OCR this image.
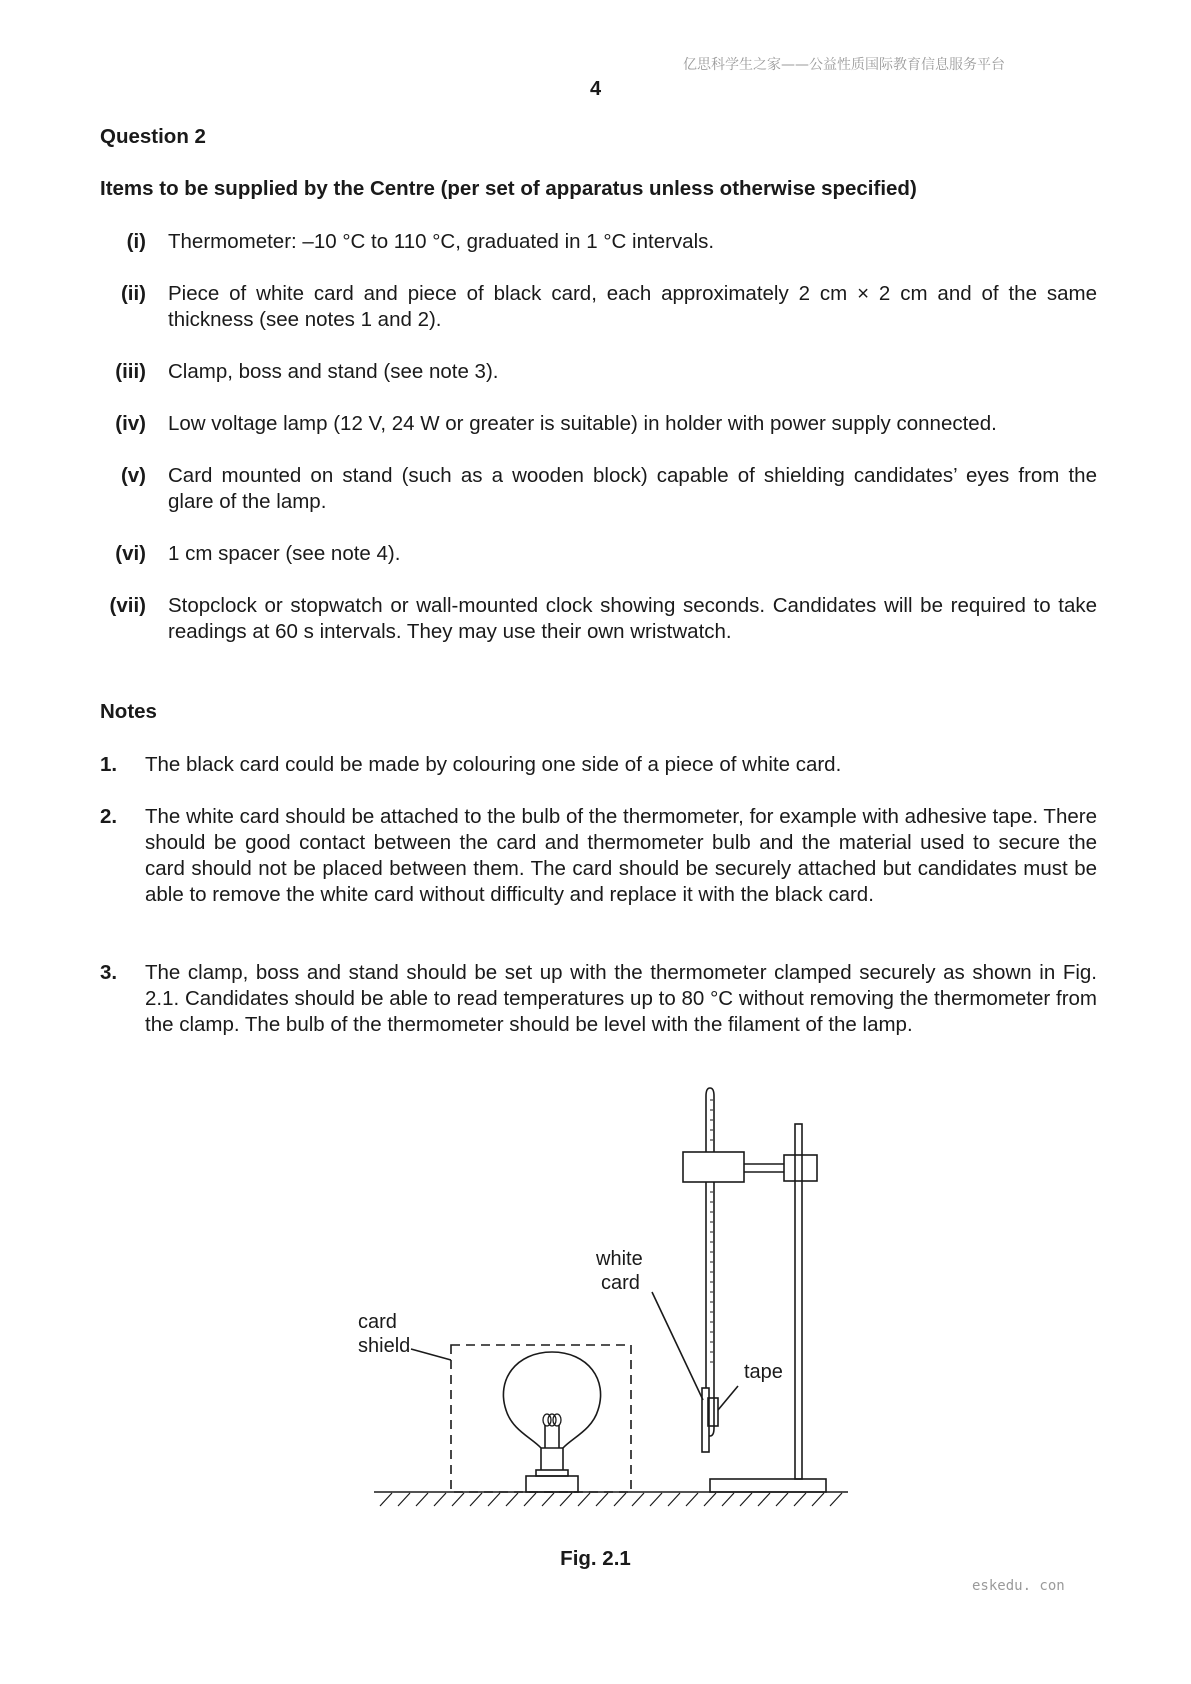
亿思科学生之家——公益性质国际教育信息服务平台
4
Question 2
Items to be supplied by the Centre (per set of apparatus unless otherwise specified)
(i) Thermometer: –10 °C to 110 °C, graduated in 1 °C intervals.
(ii) Piece of white card and piece of black card, each approximately 2 cm × 2 cm and of the same thickness (see notes 1 and 2).
(iii) Clamp, boss and stand (see note 3).
(iv) Low voltage lamp (12 V, 24 W or greater is suitable) in holder with power supply connected.
(v) Card mounted on stand (such as a wooden block) capable of shielding candidates’ eyes from the glare of the lamp.
(vi) 1 cm spacer (see note 4).
(vii) Stopclock or stopwatch or wall-mounted clock showing seconds. Candidates will be required to take readings at 60 s intervals. They may use their own wristwatch.
Notes
1. The black card could be made by colouring one side of a piece of white card.
2. The white card should be attached to the bulb of the thermometer, for example with adhesive tape. There should be good contact between the card and thermometer bulb and the material used to secure the card should not be placed between them. The card should be securely attached but candidates must be able to remove the white card without difficulty and replace it with the black card.
3. The clamp, boss and stand should be set up with the thermometer clamped securely as shown in Fig. 2.1. Candidates should be able to read temperatures up to 80 °C without removing the thermometer from the clamp. The bulb of the thermometer should be level with the filament of the lamp.
white
card
card
shield
tape
Fig. 2.1
eskedu. con
